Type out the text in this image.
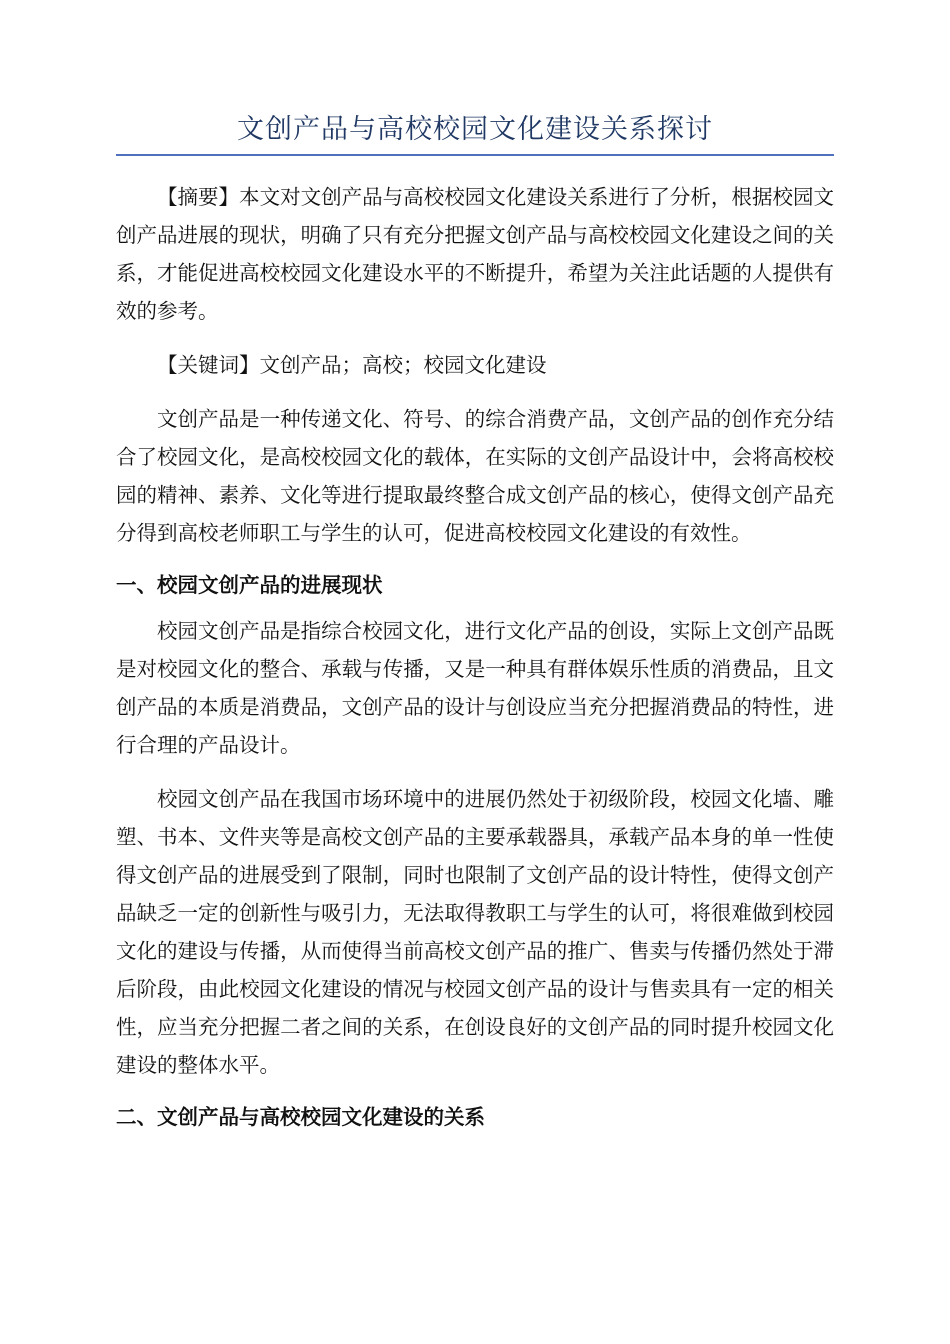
文创产品与高校校园文化建设关系探讨

【摘要】本文对文创产品与高校校园文化建设关系进行了分析，根据校园文创产品进展的现状，明确了只有充分把握文创产品与高校校园文化建设之间的关系，才能促进高校校园文化建设水平的不断提升，希望为关注此话题的人提供有效的参考。

【关键词】文创产品；高校；校园文化建设

文创产品是一种传递文化、符号、的综合消费产品，文创产品的创作充分结合了校园文化，是高校校园文化的载体，在实际的文创产品设计中，会将高校校园的精神、素养、文化等进行提取最终整合成文创产品的核心，使得文创产品充分得到高校老师职工与学生的认可，促进高校校园文化建设的有效性。

一、校园文创产品的进展现状

校园文创产品是指综合校园文化，进行文化产品的创设，实际上文创产品既是对校园文化的整合、承载与传播，又是一种具有群体娱乐性质的消费品，且文创产品的本质是消费品，文创产品的设计与创设应当充分把握消费品的特性，进行合理的产品设计。

校园文创产品在我国市场环境中的进展仍然处于初级阶段，校园文化墙、雕塑、书本、文件夹等是高校文创产品的主要承载器具，承载产品本身的单一性使得文创产品的进展受到了限制，同时也限制了文创产品的设计特性，使得文创产品缺乏一定的创新性与吸引力，无法取得教职工与学生的认可，将很难做到校园文化的建设与传播，从而使得当前高校文创产品的推广、售卖与传播仍然处于滞后阶段，由此校园文化建设的情况与校园文创产品的设计与售卖具有一定的相关性，应当充分把握二者之间的关系，在创设良好的文创产品的同时提升校园文化建设的整体水平。

二、文创产品与高校校园文化建设的关系
